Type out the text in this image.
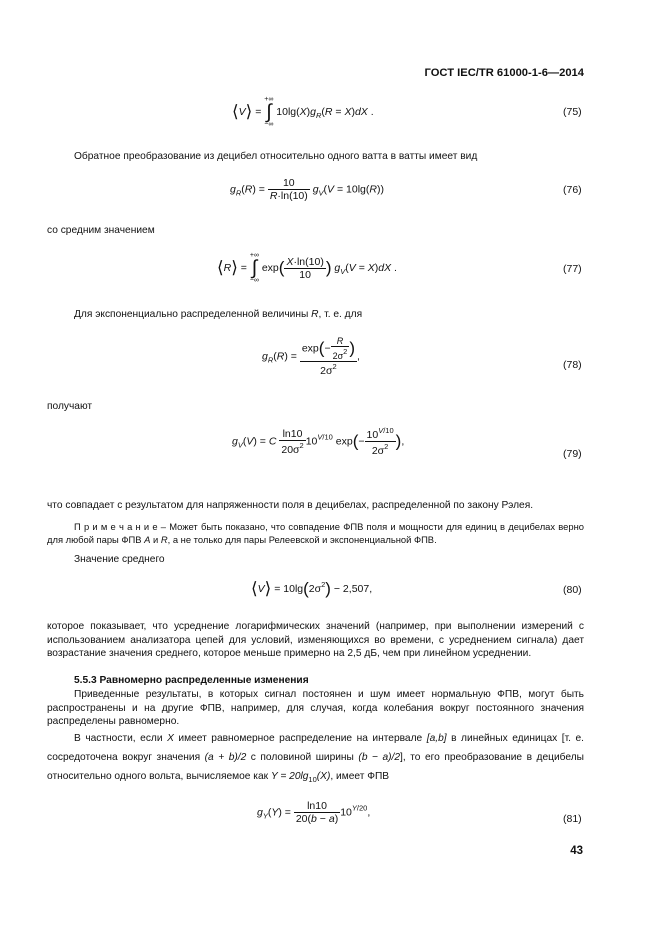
ГОСТ IEC/TR 61000-1-6—2014
⟨V⟩ =
+∞
∫
−∞
$10\lg(X)g_R(R = X)dX$ .	(75)
Обратное преобразование из децибел относительно одного ватта в ватты имеет вид
$g_R(R) = \frac{10}{R\cdot\ln(10)} g_V(V = 10\lg(R))$	(76)
со средним значением
⟨R⟩ =
+∞
∫
−∞
$\exp( \frac{X\cdot\ln(10)}{10}$ ) $g_V(V = X)dX$ .	(77)
Для экспоненциально распределенной величины R, т. е. для
$g_R(R) = \frac{\exp(- \frac{R}{2\sigma^2} )}{2\sigma^2}$ ,
(78)
получают
$g_V(V) = C \frac{\ln 10}{20\sigma^2} 10^{V/10}$ $\exp(- \frac{10^{V/10}}{2\sigma^2}$ ),
(79)
что совпадает с результатом для напряженности поля в децибелах, распределенной по закону Рэлея.
П р и м е ч а н и е – Может быть показано, что совпадение ФПВ поля и мощности для единиц в децибелах верно для любой пары ФПВ A и R, а не только для пары Релеевской и экспоненциальной ФПВ.
Значение среднего
⟨V⟩ = $10\lg(2\sigma^2) - 2,507$,	(80)
которое показывает, что усреднение логарифмических значений (например, при выполнении измерений с использованием анализатора цепей для условий, изменяющихся во времени, с усреднением сигнала) дает возрастание значения среднего, которое меньше примерно на 2,5 дБ, чем при линейном усреднении.
5.5.3 Равномерно распределенные изменения
Приведенные результаты, в которых сигнал постоянен и шум имеет нормальную ФПВ, могут быть распространены и на другие ФПВ, например, для случая, когда колебания вокруг постоянного значения распределены равномерно.
В частности, если X имеет равномерное распределение на интервале [a,b] в линейных единицах [т. е. сосредоточена вокруг значения (a + b)/2 с половиной ширины (b − a)/2], то его преобразование в децибелы относительно одного вольта, вычисляемое как $Y = 20\lg_{10}(X)$, имеет ФПВ
$g_Y(Y) = \frac{\ln 10}{20(b - a)} 10^{Y/20}$,
(81)
43
